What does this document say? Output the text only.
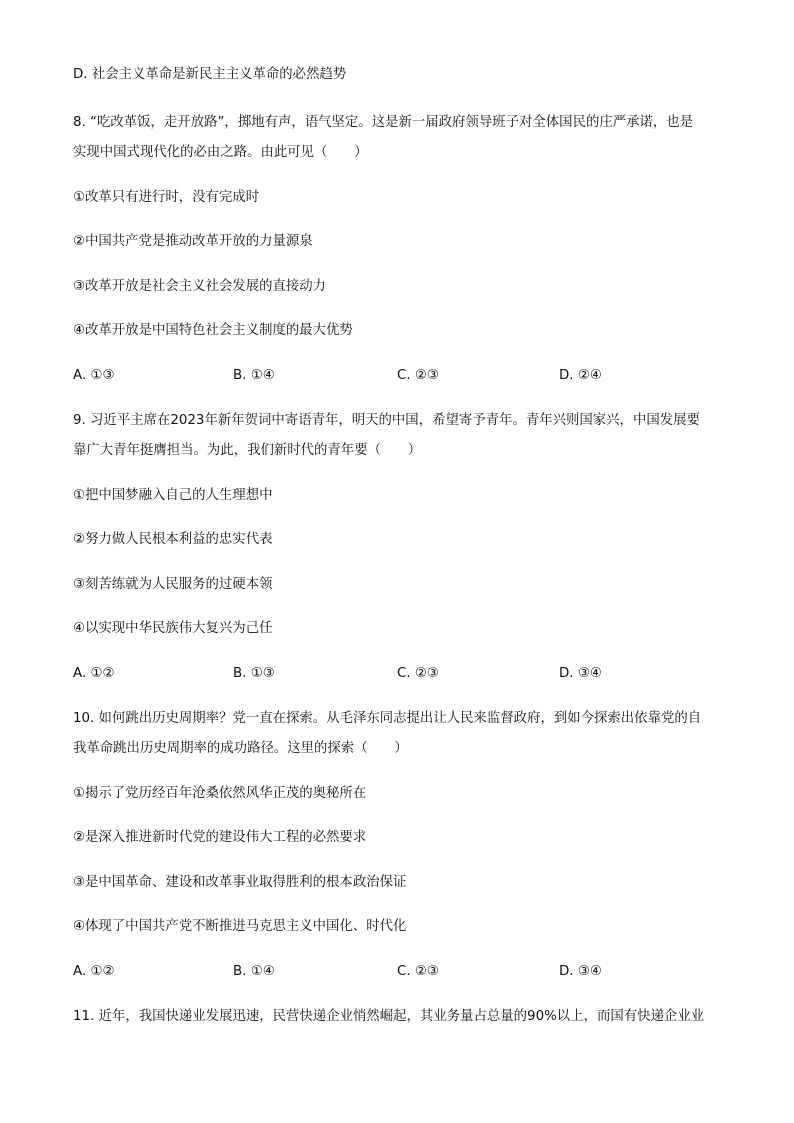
D. 社会主义革命是新民主主义革命的必然趋势
8. “吃改革饭，走开放路”，掷地有声，语气坚定。这是新一届政府领导班子对全体国民的庄严承诺，也是
实现中国式现代化的必由之路。由此可见（　　）
①改革只有进行时，没有完成时
②中国共产党是推动改革开放的力量源泉
③改革开放是社会主义社会发展的直接动力
④改革开放是中国特色社会主义制度的最大优势
A. ①③	B. ①④	C. ②③	D. ②④
9. 习近平主席在2023年新年贺词中寄语青年，明天的中国，希望寄予青年。青年兴则国家兴，中国发展要
靠广大青年挺膺担当。为此，我们新时代的青年要（　　）
①把中国梦融入自己的人生理想中
②努力做人民根本利益的忠实代表
③刻苦练就为人民服务的过硬本领
④以实现中华民族伟大复兴为己任
A. ①②	B. ①③	C. ②③	D. ③④
10. 如何跳出历史周期率？党一直在探索。从毛泽东同志提出让人民来监督政府，到如今探索出依靠党的自
我革命跳出历史周期率的成功路径。这里的探索（　　）
①揭示了党历经百年沧桑依然风华正茂的奥秘所在
②是深入推进新时代党的建设伟大工程的必然要求
③是中国革命、建设和改革事业取得胜利的根本政治保证
④体现了中国共产党不断推进马克思主义中国化、时代化
A. ①②	B. ①④	C. ②③	D. ③④
11. 近年，我国快递业发展迅速，民营快递企业悄然崛起，其业务量占总量的90%以上，而国有快递企业业
